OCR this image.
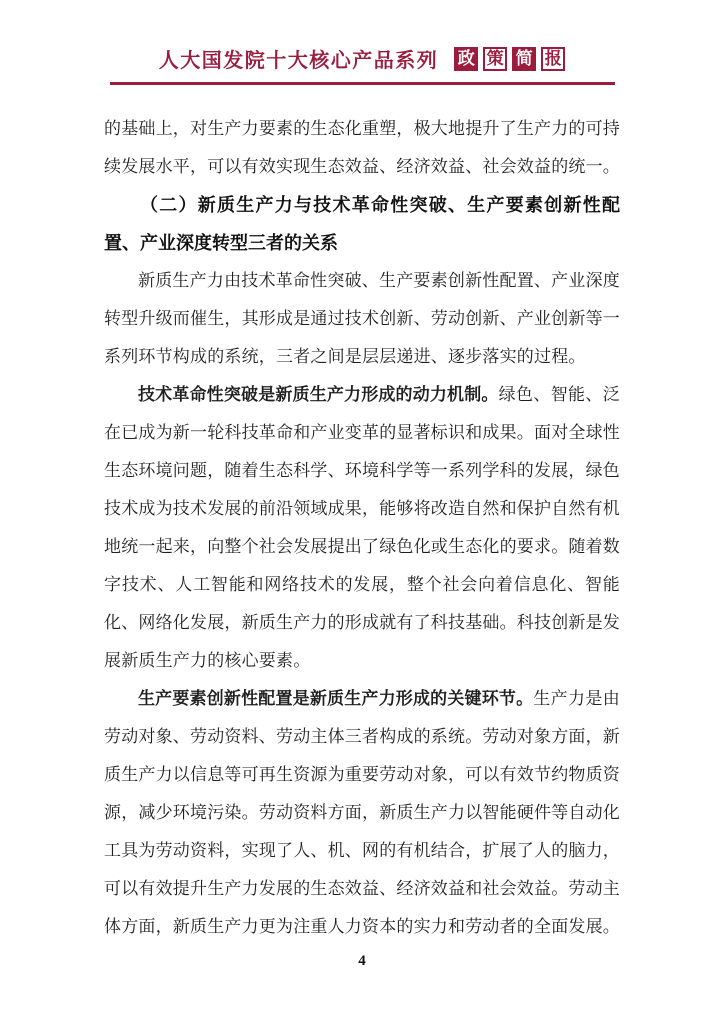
人大国发院十大核心产品系列 政 策 简 报

的基础上，对生产力要素的生态化重塑，极大地提升了生产力的可持续发展水平，可以有效实现生态效益、经济效益、社会效益的统一。

（二）新质生产力与技术革命性突破、生产要素创新性配置、产业深度转型三者的关系

新质生产力由技术革命性突破、生产要素创新性配置、产业深度转型升级而催生，其形成是通过技术创新、劳动创新、产业创新等一系列环节构成的系统，三者之间是层层递进、逐步落实的过程。

技术革命性突破是新质生产力形成的动力机制。绿色、智能、泛在已成为新一轮科技革命和产业变革的显著标识和成果。面对全球性生态环境问题，随着生态科学、环境科学等一系列学科的发展，绿色技术成为技术发展的前沿领域成果，能够将改造自然和保护自然有机地统一起来，向整个社会发展提出了绿色化或生态化的要求。随着数字技术、人工智能和网络技术的发展，整个社会向着信息化、智能化、网络化发展，新质生产力的形成就有了科技基础。科技创新是发展新质生产力的核心要素。

生产要素创新性配置是新质生产力形成的关键环节。生产力是由劳动对象、劳动资料、劳动主体三者构成的系统。劳动对象方面，新质生产力以信息等可再生资源为重要劳动对象，可以有效节约物质资源，减少环境污染。劳动资料方面，新质生产力以智能硬件等自动化工具为劳动资料，实现了人、机、网的有机结合，扩展了人的脑力，可以有效提升生产力发展的生态效益、经济效益和社会效益。劳动主体方面，新质生产力更为注重人力资本的实力和劳动者的全面发展。

4
